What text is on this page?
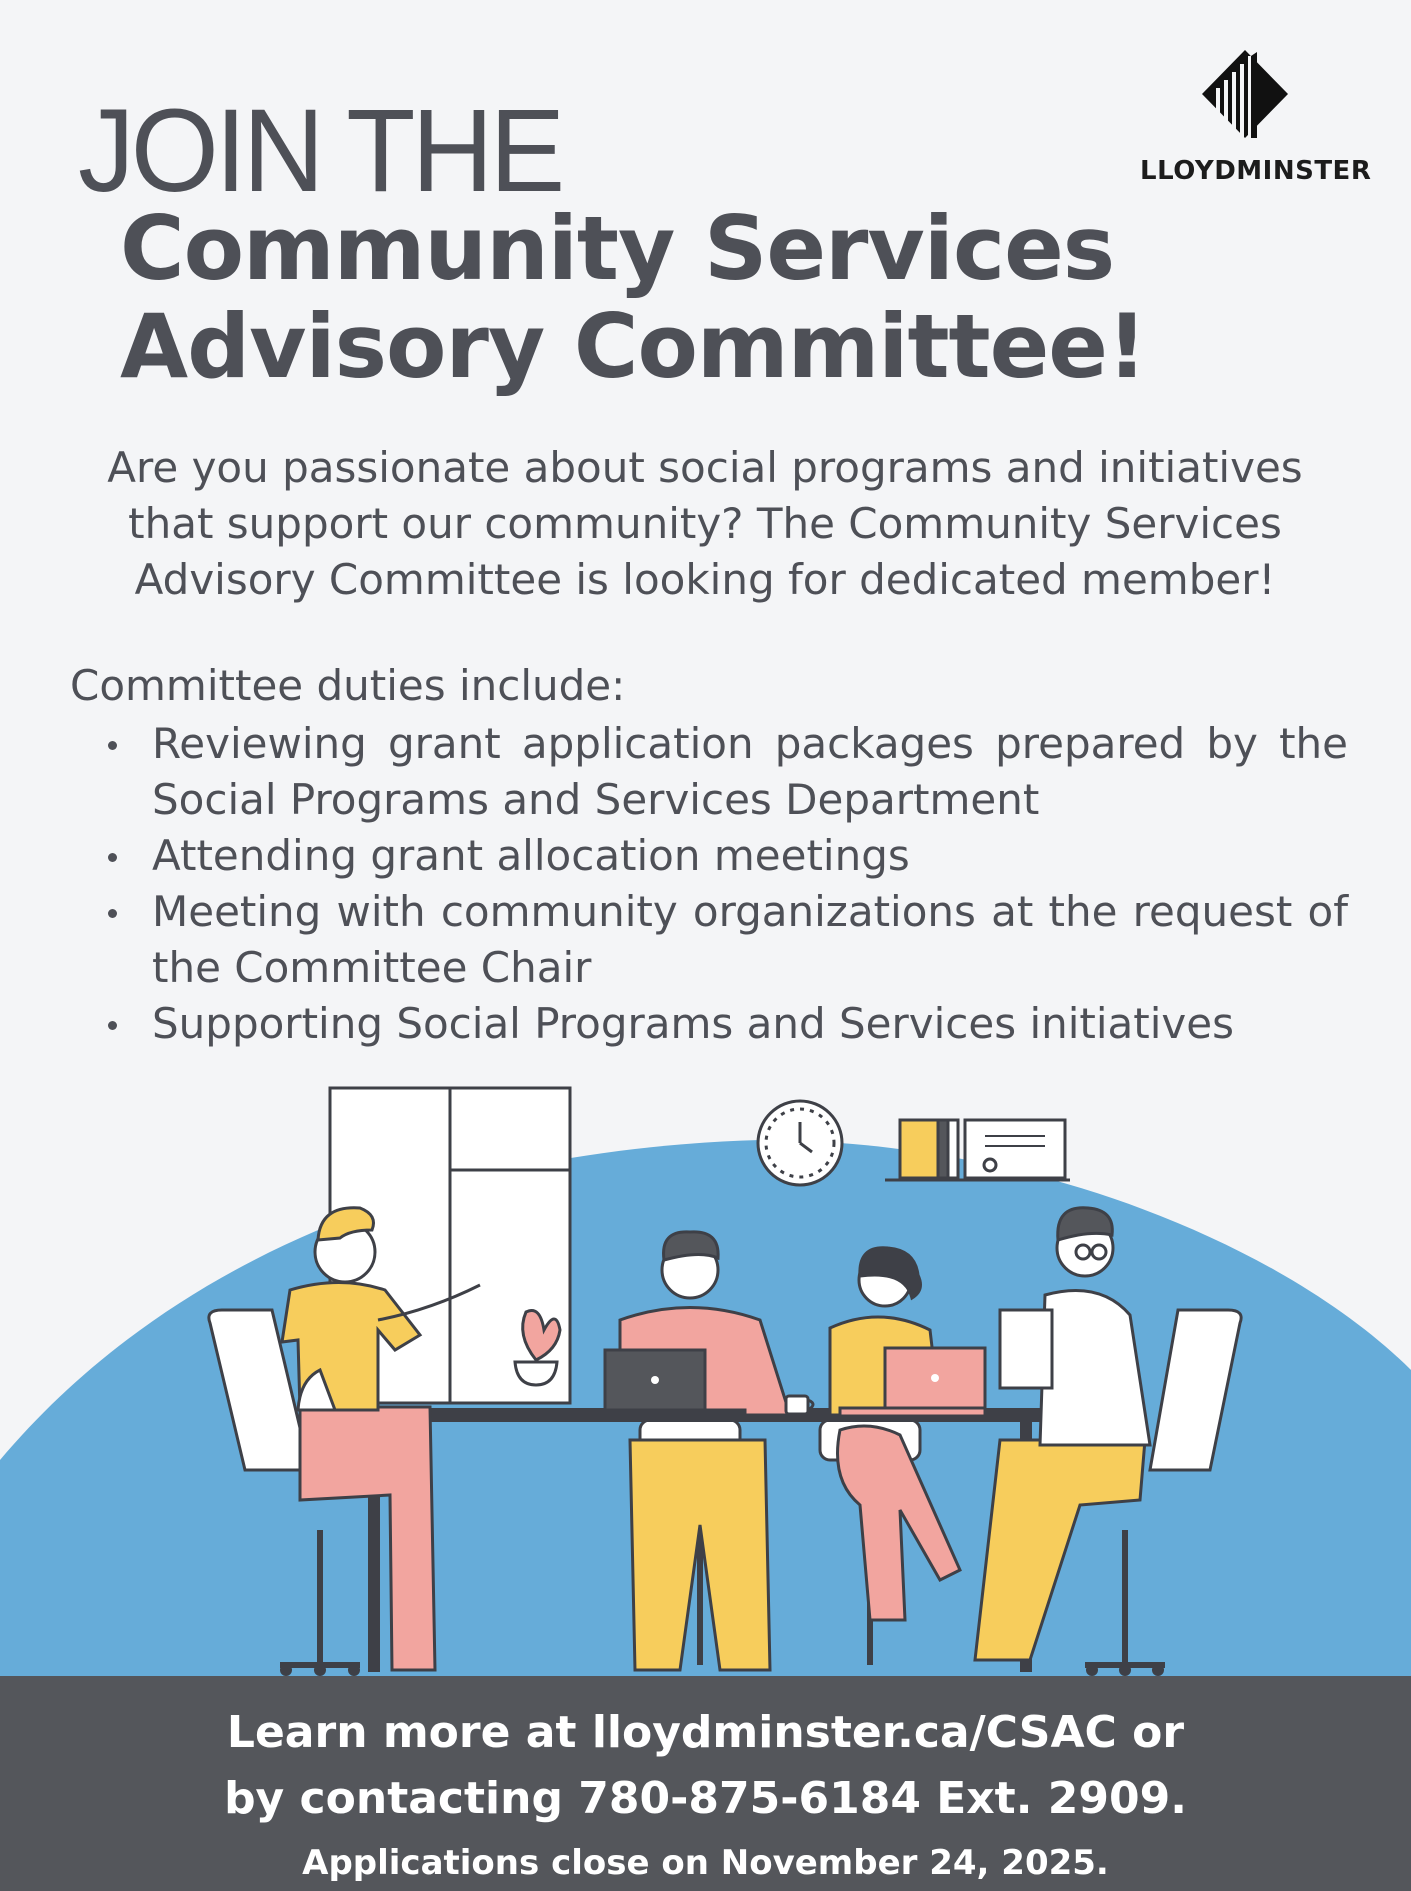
JOIN THE
Community Services
Advisory Committee!
LLOYDMINSTER
Are you passionate about social programs and initiatives
that support our community? The Community Services
Advisory Committee is looking for dedicated member!
Committee duties include:
Reviewing grant application packages prepared by the Social Programs and Services Department
Attending grant allocation meetings
Meeting with community organizations at the request of the Committee Chair
Supporting Social Programs and Services initiatives
Learn more at lloydminster.ca/CSAC or
by contacting 780-875-6184 Ext. 2909.
Applications close on November 24, 2025.
